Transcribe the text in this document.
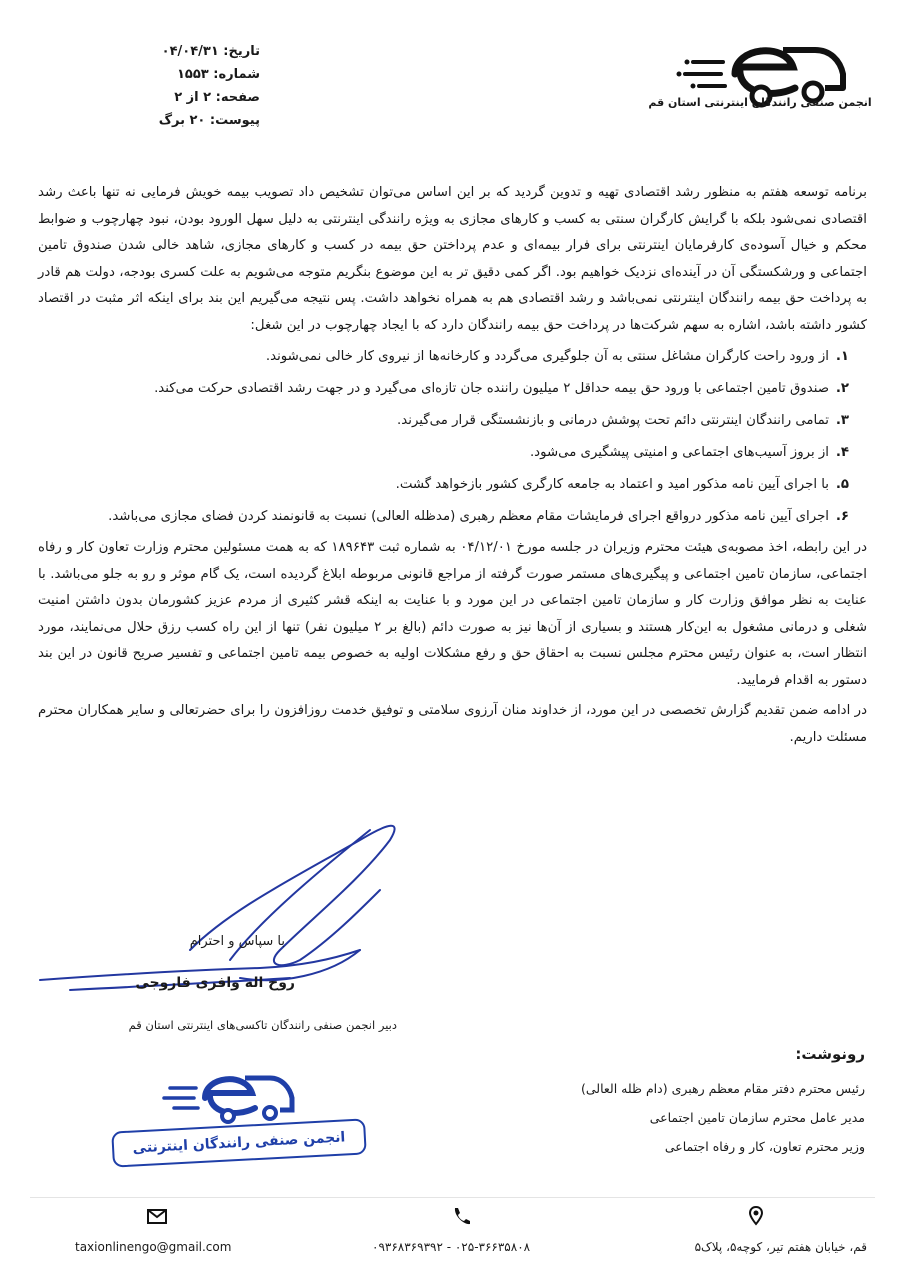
تاریخ: ۰۴/۰۴/۳۱
شماره: ۱۵۵۳
صفحه: ۲ از ۲
پیوست: ۲۰ برگ
انجمن صنفی رانندگان اینترنتی استان قم

برنامه توسعه هفتم به منظور رشد اقتصادی تهیه و تدوین گردید که بر این اساس می‌توان تشخیص داد تصویب بیمه خویش فرمایی نه تنها باعث رشد اقتصادی نمی‌شود بلکه با گرایش کارگران سنتی به کسب و کارهای مجازی به ویژه رانندگی اینترنتی به دلیل سهل الورود بودن، نبود چهارچوب و ضوابط محکم و خیال آسوده‌ی کارفرمایان اینترنتی برای فرار بیمه‌ای و عدم پرداختن حق بیمه در کسب و کارهای مجازی، شاهد خالی شدن صندوق تامین اجتماعی و ورشکستگی آن در آینده‌ای نزدیک خواهیم بود. اگر کمی دقیق تر به این موضوع بنگریم متوجه می‌شویم به علت کسری بودجه، دولت هم قادر به پرداخت حق بیمه رانندگان اینترنتی نمی‌باشد و رشد اقتصادی هم به همراه نخواهد داشت. پس نتیجه می‌گیریم این بند برای اینکه اثر مثبت در اقتصاد کشور داشته باشد، اشاره به سهم شرکت‌ها در پرداخت حق بیمه رانندگان دارد که با ایجاد چهارچوب در این شغل:

۱.از ورود راحت کارگران مشاغل سنتی به آن جلوگیری می‌گردد و کارخانه‌ها از نیروی کار خالی نمی‌شوند.
۲.صندوق تامین اجتماعی با ورود حق بیمه حداقل ۲ میلیون راننده جان تازه‌ای می‌گیرد و در جهت رشد اقتصادی حرکت می‌کند.
۳.تمامی رانندگان اینترنتی دائم تحت پوشش درمانی و بازنشستگی قرار می‌گیرند.
۴.از بروز آسیب‌های اجتماعی و امنیتی پیشگیری می‌شود.
۵.با اجرای آیین نامه مذکور امید و اعتماد به جامعه کارگری کشور بازخواهد گشت.
۶.اجرای آیین نامه مذکور درواقع اجرای فرمایشات مقام معظم رهبری (مدظله العالی) نسبت به قانونمند کردن فضای مجازی می‌باشد.

در این رابطه، اخذ مصوبه‌ی هیئت محترم وزیران در جلسه مورخ ۰۴/۱۲/۰۱ به شماره ثبت ۱۸۹۶۴۳ که به همت مسئولین محترم وزارت تعاون کار و رفاه اجتماعی، سازمان تامین اجتماعی و پیگیری‌های مستمر صورت گرفته از مراجع قانونی مربوطه ابلاغ گردیده است، یک گام موثر و رو به جلو می‌باشد. با عنایت به نظر موافق وزارت کار و سازمان تامین اجتماعی در این مورد و با عنایت به اینکه قشر کثیری از مردم عزیز کشورمان بدون داشتن امنیت شغلی و درمانی مشغول به این‌کار هستند و بسیاری از آن‌ها نیز به صورت دائم (بالغ بر ۲ میلیون نفر) تنها از این راه کسب رزق حلال می‌نمایند، مورد انتظار است، به عنوان رئیس محترم مجلس نسبت به احقاق حق و رفع مشکلات اولیه به خصوص بیمه تامین اجتماعی و تفسیر صریح قانون در این بند دستور به اقدام فرمایید.

در ادامه ضمن تقدیم گزارش تخصصی در این مورد، از خداوند منان آرزوی سلامتی و توفیق خدمت روزافزون را برای حضرتعالی و سایر همکاران محترم مسئلت داریم.

با سپاس و احترام
روح اله وافری فاروجی
دبیر انجمن صنفی رانندگان تاکسی‌های اینترنتی استان قم
رونوشت:
رئیس محترم دفتر مقام معظم رهبری (دام ظله العالی)
مدیر عامل محترم سازمان تامین اجتماعی
وزیر محترم تعاون، کار و رفاه اجتماعی
انجمن صنفی رانندگان اینترنتی
taxionlinengo@gmail.com	۰۹۳۶۸۳۶۹۳۹۲ - ۰۲۵-۳۶۶۳۵۸۰۸	قم، خیابان هفتم تیر، کوچه۵، پلاک۵
